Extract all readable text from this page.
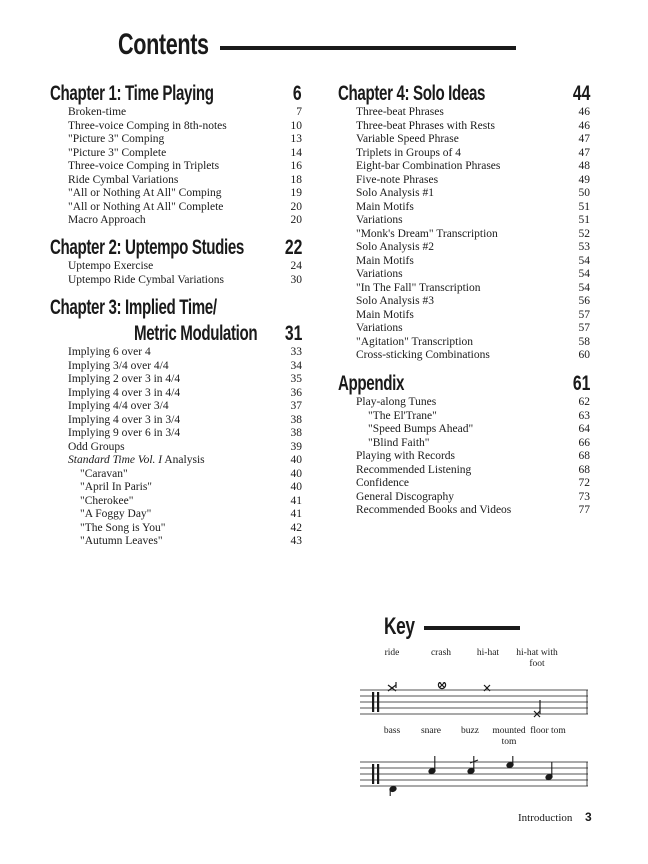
Contents
Chapter 1: Time Playing	6
Broken-time	7
Three-voice Comping in 8th-notes	10
"Picture 3" Comping	13
"Picture 3" Complete	14
Three-voice Comping in Triplets	16
Ride Cymbal Variations	18
"All or Nothing At All" Comping	19
"All or Nothing At All" Complete	20
Macro Approach	20
Chapter 2: Uptempo Studies 22
Uptempo Exercise	24
Uptempo Ride Cymbal Variations	30
Chapter 3: Implied Time/
Metric Modulation 31
Implying 6 over 4	33
Implying 3/4 over 4/4	34
Implying 2 over 3 in 4/4	35
Implying 4 over 3 in 4/4	36
Implying 4/4 over 3/4	37
Implying 4 over 3 in 3/4	38
Implying 9 over 6 in 3/4	38
Odd Groups	39
Standard Time Vol. I Analysis	40
"Caravan"	40
"April In Paris"	40
"Cherokee"	41
"A Foggy Day"	41
"The Song is You"	42
"Autumn Leaves"	43
Chapter 4: Solo Ideas	44
Three-beat Phrases	46
Three-beat Phrases with Rests	46
Variable Speed Phrase	47
Triplets in Groups of 4	47
Eight-bar Combination Phrases	48
Five-note Phrases	49
Solo Analysis #1	50
Main Motifs	51
Variations	51
"Monk's Dream" Transcription	52
Solo Analysis #2	53
Main Motifs	54
Variations	54
"In The Fall" Transcription	54
Solo Analysis #3	56
Main Motifs	57
Variations	57
"Agitation" Transcription	58
Cross-sticking Combinations	60
Appendix	61
Play-along Tunes	62
"The El'Trane"	63
"Speed Bumps Ahead"	64
"Blind Faith"	66
Playing with Records	68
Recommended Listening	68
Confidence	72
General Discography	73
Recommended Books and Videos	77
Key
ride	crash	hi-hat	hi-hat with foot
bass	snare	buzz	mounted tom
floor tom
Introduction 3
